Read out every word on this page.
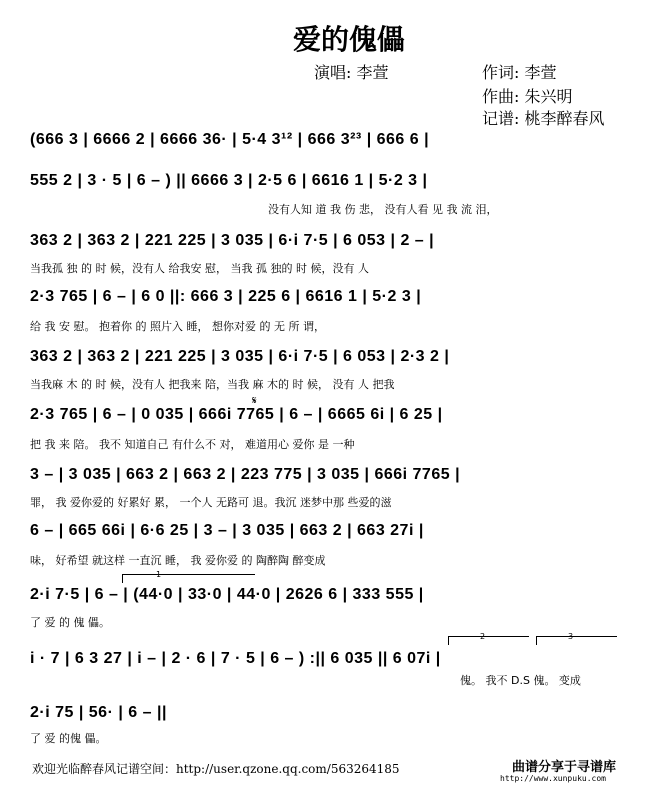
爱的傀儡
演唱: 李萱	作词: 李萱
作曲: 朱兴明
记谱: 桃李醉春风
(666 3 | 6666 2 | 6666 36· | 5·4 3¹² | 666 3²³ | 666 6 |
555 2 | 3 · 5 | 6 – ) || 6666 3 | 2·5 6 | 6616 1 | 5·2 3 |
没有人知 道 我 伤 悲， 没有人看 见 我 流 泪，
363 2 | 363 2 | 221 225 | 3 035 | 6·i 7·5 | 6 053 | 2 – |
当我孤 独 的 时 候，没有人 给我安 慰， 当我 孤 独的 时 候，没有 人
2·3 765 | 6 – | 6 0 ||: 666 3 | 225 6 | 6616 1 | 5·2 3 |
给 我 安 慰。 抱着你 的 照片入 睡， 想你对爱 的 无 所 谓，
363 2 | 363 2 | 221 225 | 3 035 | 6·i 7·5 | 6 053 | 2·3 2 |
当我麻 木 的 时 候，没有人 把我来 陪，当我 麻 木的 时 候， 没有 人 把我
𝄋
2·3 765 | 6 – | 0 035 | 666i 7765 | 6 – | 6665 6i | 6 25 |
把 我 来 陪。 我不 知道自己 有什么不 对， 难道用心 爱你 是 一种
3 – | 3 035 | 663 2 | 663 2 | 223 775 | 3 035 | 666i 7765 |
罪， 我 爱你爱的 好累好 累， 一个人 无路可 退。我沉 迷梦中那 些爱的滋
6 – | 665 66i | 6·6 25 | 3 – | 3 035 | 663 2 | 663 27i |
味， 好希望 就这样 一直沉 睡， 我 爱你爱 的 陶醉陶 醉变成
1
2·i 7·5 | 6 – | (44·0 | 33·0 | 44·0 | 2626 6 | 333 555 |
了 爱 的 傀 儡。
2	3
i · 7 | 6 3 27 | i – | 2 · 6 | 7 · 5 | 6 – ) :|| 6 035 || 6 07i |
傀。 我不 D.S 傀。 变成
2·i 75 | 56· | 6 – ||
了 爱 的傀 儡。
欢迎光临醉春风记谱空间：http://user.qzone.qq.com/563264185	曲谱分享于寻谱库
http://www.xunpuku.com
